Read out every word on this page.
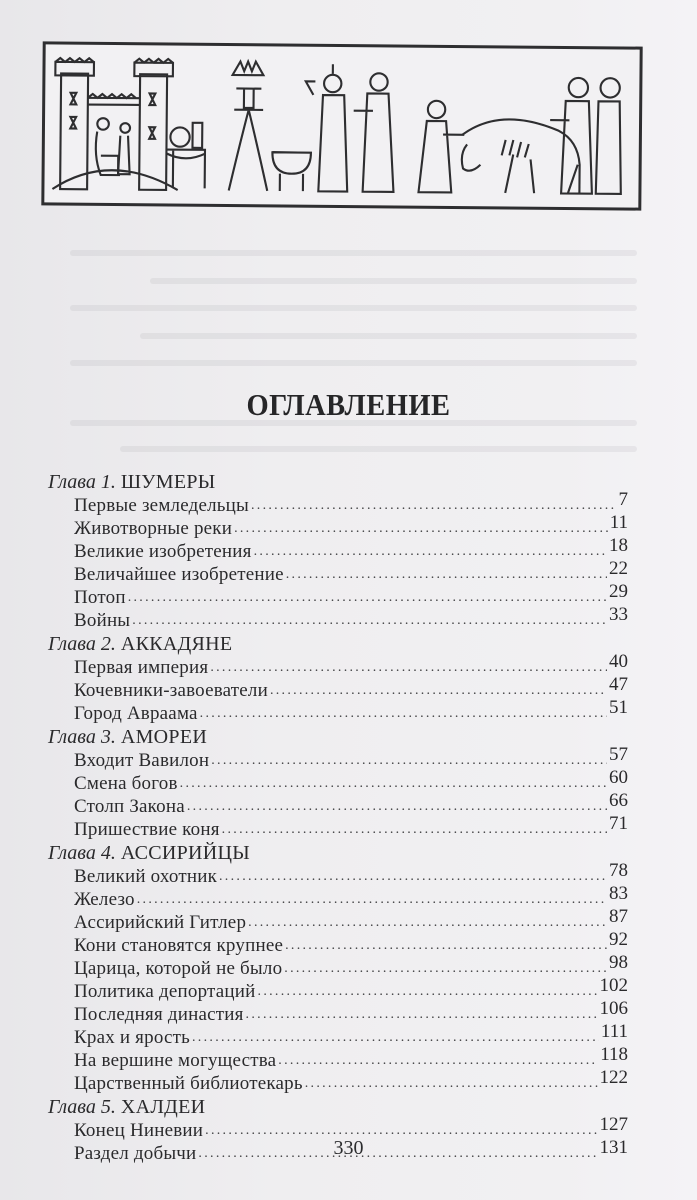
ОГЛАВЛЕНИЕ
Глава 1. ШУМЕРЫ
Первые земледельцы .....	7
Животворные реки .....	11
Великие изобретения .....	18
Величайшее изобретение .....	22
Потоп .....	29
Войны .....	33
Глава 2. АККАДЯНЕ
Первая империя .....	40
Кочевники-завоеватели .....	47
Город Авраама .....	51
Глава 3. АМОРЕИ
Входит Вавилон .....	57
Смена богов .....	60
Столп Закона .....	66
Пришествие коня .....	71
Глава 4. АССИРИЙЦЫ
Великий охотник .....	78
Железо .....	83
Ассирийский Гитлер .....	87
Кони становятся крупнее .....	92
Царица, которой не было .....	98
Политика депортаций .....	102
Последняя династия .....	106
Крах и ярость .....	111
На вершине могущества .....	118
Царственный библиотекарь .....	122
Глава 5. ХАЛДЕИ
Конец Ниневии .....	127
Раздел добычи .....	131
330
